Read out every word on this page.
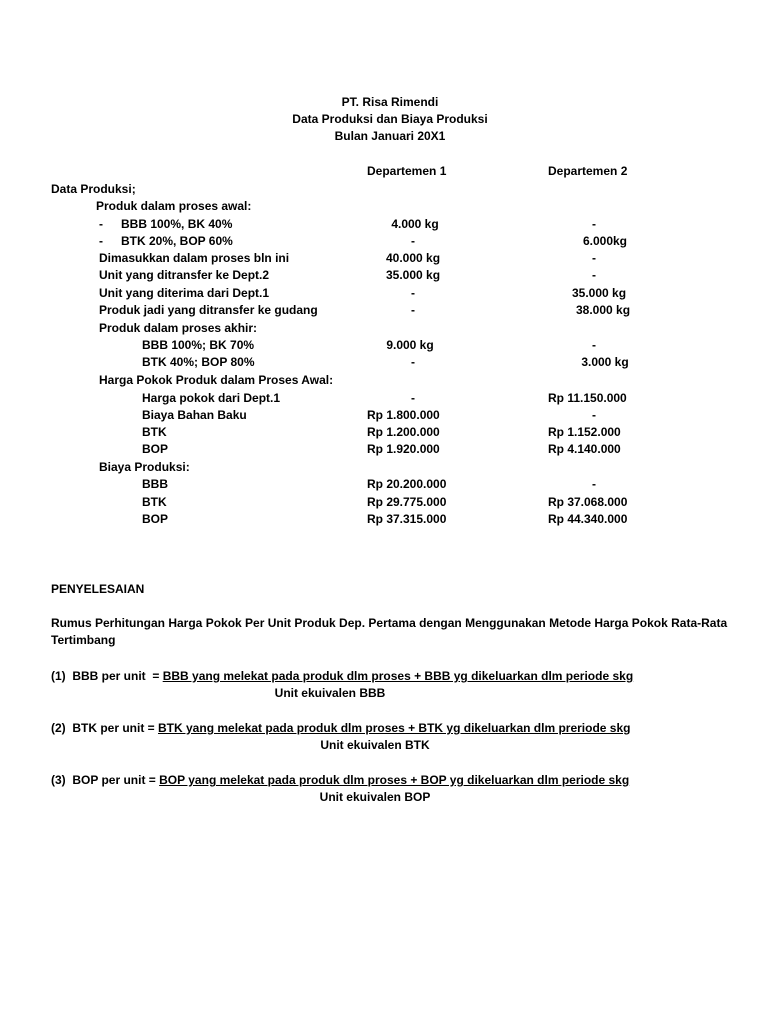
PT. Risa Rimendi
Data Produksi dan Biaya Produksi
Bulan Januari 20X1
Departemen 1	Departemen 2
Data Produksi;
Produk dalam proses awal:
- BBB 100%, BK 40%	4.000 kg	-
- BTK 20%, BOP 60%	-	6.000kg
Dimasukkan dalam proses bln ini	40.000 kg	-
Unit yang ditransfer ke Dept.2	35.000 kg	-
Unit yang diterima dari Dept.1	-	35.000 kg
Produk jadi yang ditransfer ke gudang	-	38.000 kg
Produk dalam proses akhir:
BBB 100%; BK 70%	9.000 kg	-
BTK 40%; BOP 80%	-	3.000 kg
Harga Pokok Produk dalam Proses Awal:
Harga pokok dari Dept.1	-	Rp 11.150.000
Biaya Bahan Baku	Rp 1.800.000	-
BTK	Rp 1.200.000	Rp 1.152.000
BOP	Rp 1.920.000	Rp 4.140.000
Biaya Produksi:
BBB	Rp 20.200.000	-
BTK	Rp 29.775.000	Rp 37.068.000
BOP	Rp 37.315.000	Rp 44.340.000
PENYELESAIAN
Rumus Perhitungan Harga Pokok Per Unit Produk Dep. Pertama dengan Menggunakan Metode Harga Pokok Rata-Rata
Tertimbang
(1)  BBB per unit  = BBB yang melekat pada produk dlm proses + BBB yg dikeluarkan dlm periode skg
Unit ekuivalen BBB
(2)  BTK per unit = BTK yang melekat pada produk dlm proses + BTK yg dikeluarkan dlm preriode skg
Unit ekuivalen BTK
(3)  BOP per unit = BOP yang melekat pada produk dlm proses + BOP yg dikeluarkan dlm periode skg
Unit ekuivalen BOP
